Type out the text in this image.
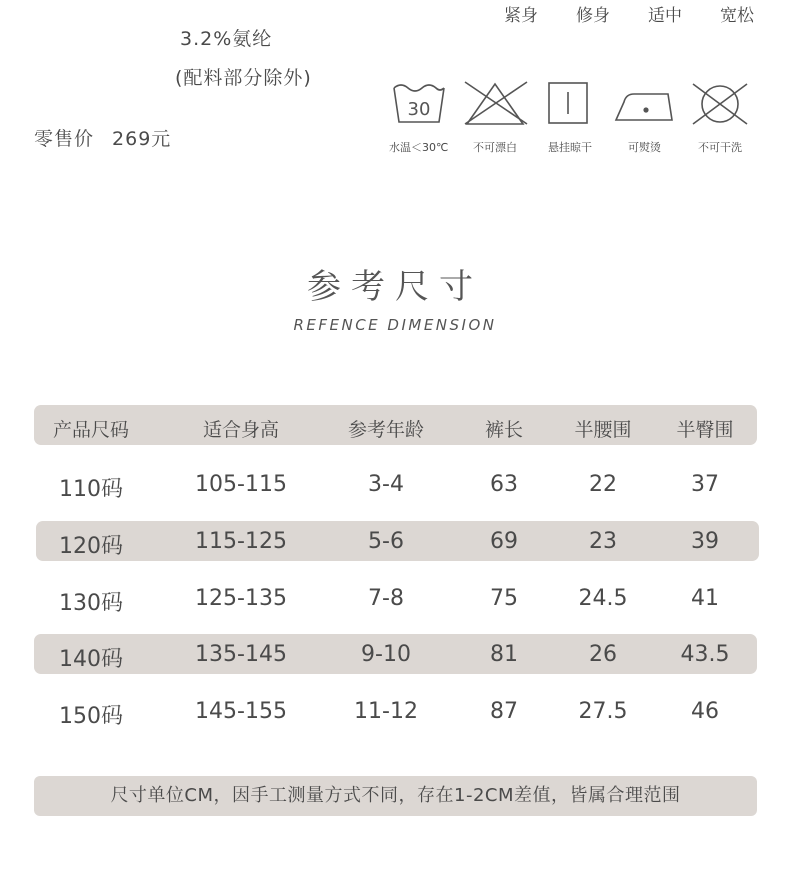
3.2%氨纶
(配料部分除外)
零售价 269元
紧身 修身 适中 宽松
30
水温＜30℃ 不可漂白	悬挂晾干	可熨烫	不可干洗
参考尺寸
REFENCE DIMENSION
产品尺码	适合身高	参考年龄	裤长	半腰围	半臀围
110码	105-115	3-4	63	22	37
120码	115-125	5-6	69	23	39
130码	125-135	7-8	75	24.5	41
140码	135-145	9-10	81	26	43.5
150码	145-155	11-12	87	27.5	46
尺寸单位CM，因手工测量方式不同，存在1-2CM差值，皆属合理范围
